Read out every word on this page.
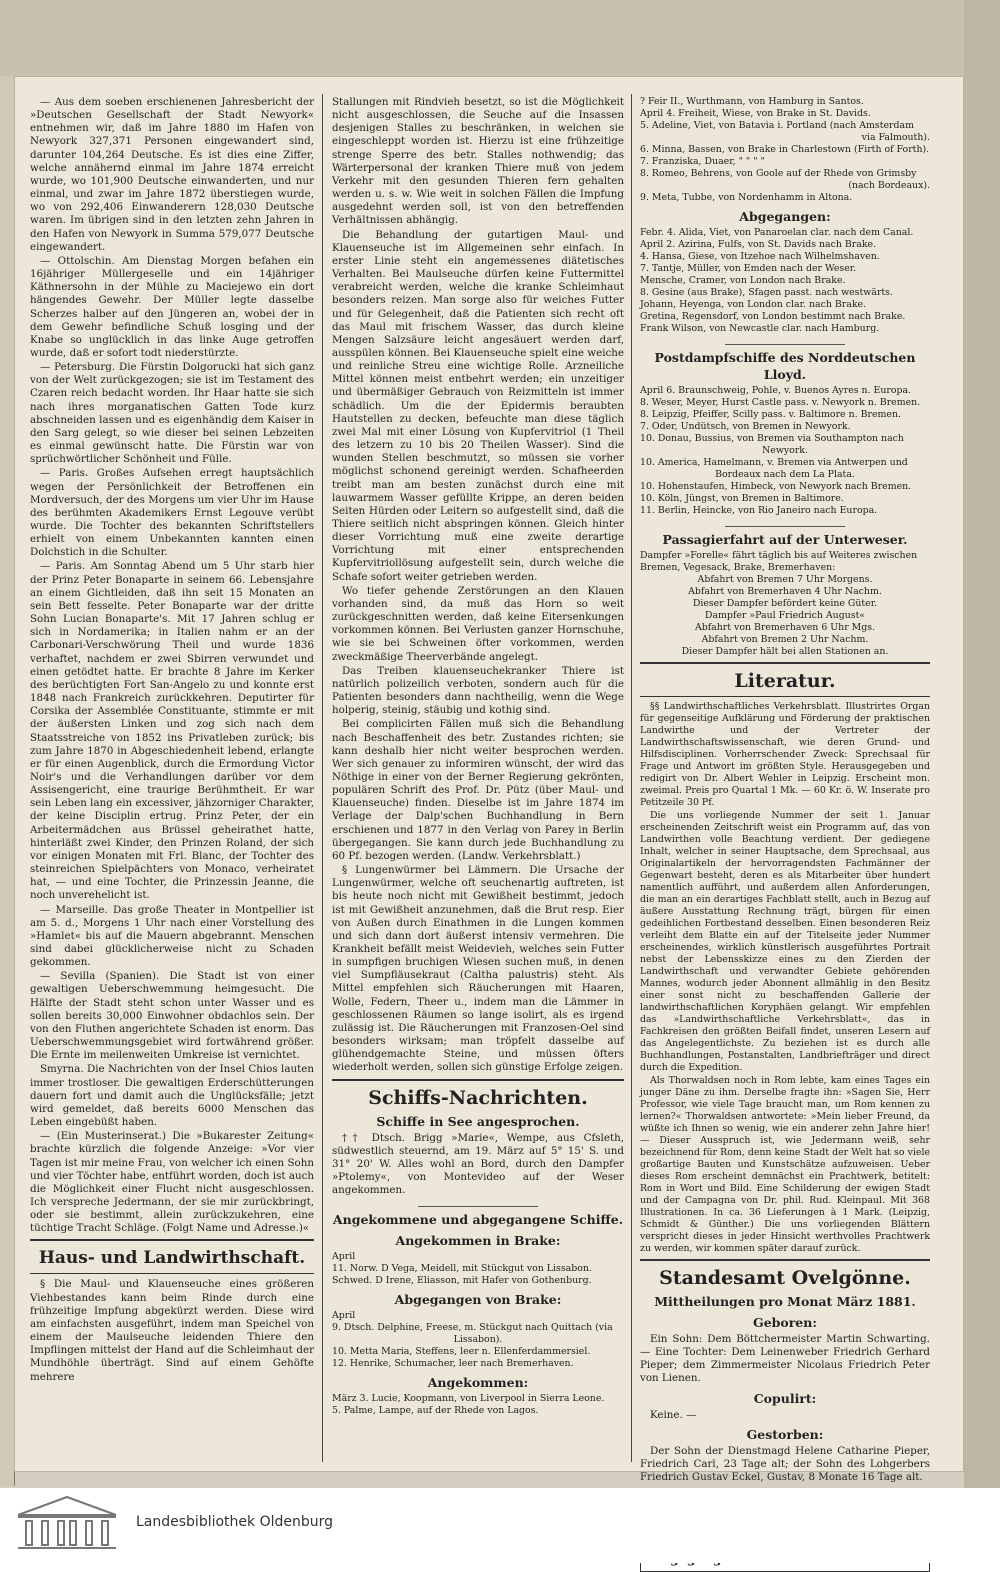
— Aus dem soeben erschienenen Jahresbericht der »Deutschen Gesellschaft der Stadt Newyork« entnehmen wir, daß im Jahre 1880 im Hafen von Newyork 327,371 Personen eingewandert sind, darunter 104,264 Deutsche. Es ist dies eine Ziffer, welche annähernd einmal im Jahre 1874 erreicht wurde, wo 101,900 Deutsche einwanderten, und nur einmal, und zwar im Jahre 1872 überstiegen wurde, wo von 292,406 Einwanderern 128,030 Deutsche waren. Im übrigen sind in den letzten zehn Jahren in den Hafen von Newyork in Summa 579,077 Deutsche eingewandert.

— Ottolschin. Am Dienstag Morgen befahen ein 16jähriger Müllergeselle und ein 14jähriger Käthnersohn in der Mühle zu Maciejewo ein dort hängendes Gewehr. Der Müller legte dasselbe Scherzes halber auf den Jüngeren an, wobei der in dem Gewehr befindliche Schuß losging und der Knabe so unglücklich in das linke Auge getroffen wurde, daß er sofort todt niederstürzte.

— Petersburg. Die Fürstin Dolgorucki hat sich ganz von der Welt zurückgezogen; sie ist im Testament des Czaren reich bedacht worden. Ihr Haar hatte sie sich nach ihres morganatischen Gatten Tode kurz abschneiden lassen und es eigenhändig dem Kaiser in den Sarg gelegt, so wie dieser bei seinen Lebzeiten es einmal gewünscht hatte. Die Fürstin war von sprüchwörtlicher Schönheit und Fülle.

— Paris. Großes Aufsehen erregt hauptsächlich wegen der Persönlichkeit der Betroffenen ein Mordversuch, der des Morgens um vier Uhr im Hause des berühmten Akademikers Ernst Legouve verübt wurde. Die Tochter des bekannten Schriftstellers erhielt von einem Unbekannten kannten einen Dolchstich in die Schulter.

— Paris. Am Sonntag Abend um 5 Uhr starb hier der Prinz Peter Bonaparte in seinem 66. Lebensjahre an einem Gichtleiden, daß ihn seit 15 Monaten an sein Bett fesselte. Peter Bonaparte war der dritte Sohn Lucian Bonaparte's. Mit 17 Jahren schlug er sich in Nordamerika; in Italien nahm er an der Carbonari-Verschwörung Theil und wurde 1836 verhaftet, nachdem er zwei Sbirren verwundet und einen getödtet hatte. Er brachte 8 Jahre im Kerker des berüchtigten Fort San-Angelo zu und konnte erst 1848 nach Frankreich zurückkehren. Deputirter für Corsika der Assemblée Constituante, stimmte er mit der äußersten Linken und zog sich nach dem Staatsstreiche von 1852 ins Privatleben zurück; bis zum Jahre 1870 in Abgeschiedenheit lebend, erlangte er für einen Augenblick, durch die Ermordung Victor Noir's und die Verhandlungen darüber vor dem Assisengericht, eine traurige Berühmtheit. Er war sein Leben lang ein excessiver, jähzorniger Charakter, der keine Disciplin ertrug. Prinz Peter, der ein Arbeitermädchen aus Brüssel geheirathet hatte, hinterläßt zwei Kinder, den Prinzen Roland, der sich vor einigen Monaten mit Frl. Blanc, der Tochter des steinreichen Spielpächters von Monaco, verheiratet hat, — und eine Tochter, die Prinzessin Jeanne, die noch unverehelicht ist.

— Marseille. Das große Theater in Montpellier ist am 5. d., Morgens 1 Uhr nach einer Vorstellung des »Hamlet« bis auf die Mauern abgebrannt. Menschen sind dabei glücklicherweise nicht zu Schaden gekommen.

— Sevilla (Spanien). Die Stadt ist von einer gewaltigen Ueberschwemmung heimgesucht. Die Hälfte der Stadt steht schon unter Wasser und es sollen bereits 30,000 Einwohner obdachlos sein. Der von den Fluthen angerichtete Schaden ist enorm. Das Ueberschwemmungsgebiet wird fortwährend größer. Die Ernte im meilenweiten Umkreise ist vernichtet.

Smyrna. Die Nachrichten von der Insel Chios lauten immer trostloser. Die gewaltigen Erderschütterungen dauern fort und damit auch die Unglücksfälle; jetzt wird gemeldet, daß bereits 6000 Menschen das Leben eingebüßt haben.

— (Ein Musterinserat.) Die »Bukarester Zeitung« brachte kürzlich die folgende Anzeige: »Vor vier Tagen ist mir meine Frau, von welcher ich einen Sohn und vier Töchter habe, entführt worden, doch ist auch die Möglichkeit einer Flucht nicht ausgeschlossen. Ich verspreche Jedermann, der sie mir zurückbringt, oder sie bestimmt, allein zurückzukehren, eine tüchtige Tracht Schläge. (Folgt Name und Adresse.)«

Haus- und Landwirthschaft.

§ Die Maul- und Klauenseuche eines größeren Viehbestandes kann beim Rinde durch eine frühzeitige Impfung abgekürzt werden. Diese wird am einfachsten ausgeführt, indem man Speichel von einem der Maulseuche leidenden Thiere den Impflingen mittelst der Hand auf die Schleimhaut der Mundhöhle überträgt. Sind auf einem Gehöfte mehrere

Stallungen mit Rindvieh besetzt, so ist die Möglichkeit nicht ausgeschlossen, die Seuche auf die Insassen desjenigen Stalles zu beschränken, in welchen sie eingeschleppt worden ist. Hierzu ist eine frühzeitige strenge Sperre des betr. Stalles nothwendig; das Wärterpersonal der kranken Thiere muß von jedem Verkehr mit den gesunden Thieren fern gehalten werden u. s. w. Wie weit in solchen Fällen die Impfung ausgedehnt werden soll, ist von den betreffenden Verhältnissen abhängig.

Die Behandlung der gutartigen Maul- und Klauenseuche ist im Allgemeinen sehr einfach. In erster Linie steht ein angemessenes diätetisches Verhalten. Bei Maulseuche dürfen keine Futtermittel verabreicht werden, welche die kranke Schleimhaut besonders reizen. Man sorge also für weiches Futter und für Gelegenheit, daß die Patienten sich recht oft das Maul mit frischem Wasser, das durch kleine Mengen Salzsäure leicht angesäuert werden darf, ausspülen können. Bei Klauenseuche spielt eine weiche und reinliche Streu eine wichtige Rolle. Arzneiliche Mittel können meist entbehrt werden; ein unzeitiger und übermäßiger Gebrauch von Reizmitteln ist immer schädlich. Um die der Epidermis beraubten Hautstellen zu decken, befeuchte man diese täglich zwei Mal mit einer Lösung von Kupfervitriol (1 Theil des letzern zu 10 bis 20 Theilen Wasser). Sind die wunden Stellen beschmutzt, so müssen sie vorher möglichst schonend gereinigt werden. Schafheerden treibt man am besten zunächst durch eine mit lauwarmem Wasser gefüllte Krippe, an deren beiden Seiten Hürden oder Leitern so aufgestellt sind, daß die Thiere seitlich nicht abspringen können. Gleich hinter dieser Vorrichtung muß eine zweite derartige Vorrichtung mit einer entsprechenden Kupfervitriollösung aufgestellt sein, durch welche die Schafe sofort weiter getrieben werden.

Wo tiefer gehende Zerstörungen an den Klauen vorhanden sind, da muß das Horn so weit zurückgeschnitten werden, daß keine Eitersenkungen vorkommen können. Bei Verlusten ganzer Hornschuhe, wie sie bei Schweinen öfter vorkommen, werden zweckmäßige Theerverbände angelegt.

Das Treiben klauenseuchekranker Thiere ist natürlich polizeilich verboten, sondern auch für die Patienten besonders dann nachtheilig, wenn die Wege holperig, steinig, stäubig und kothig sind.

Bei complicirten Fällen muß sich die Behandlung nach Beschaffenheit des betr. Zustandes richten; sie kann deshalb hier nicht weiter besprochen werden. Wer sich genauer zu informiren wünscht, der wird das Nöthige in einer von der Berner Regierung gekrönten, populären Schrift des Prof. Dr. Pütz (über Maul- und Klauenseuche) finden. Dieselbe ist im Jahre 1874 im Verlage der Dalp'schen Buchhandlung in Bern erschienen und 1877 in den Verlag von Parey in Berlin übergegangen. Sie kann durch jede Buchhandlung zu 60 Pf. bezogen werden. (Landw. Verkehrsblatt.)

§ Lungenwürmer bei Lämmern. Die Ursache der Lungenwürmer, welche oft seuchenartig auftreten, ist bis heute noch nicht mit Gewißheit bestimmt, jedoch ist mit Gewißheit anzunehmen, daß die Brut resp. Eier von Außen durch Einathmen in die Lungen kommen und sich dann dort äußerst intensiv vermehren. Die Krankheit befällt meist Weidevieh, welches sein Futter in sumpfigen bruchigen Wiesen suchen muß, in denen viel Sumpfläusekraut (Caltha palustris) steht. Als Mittel empfehlen sich Räucherungen mit Haaren, Wolle, Federn, Theer u., indem man die Lämmer in geschlossenen Räumen so lange isolirt, als es irgend zulässig ist. Die Räucherungen mit Franzosen-Oel sind besonders wirksam; man tröpfelt dasselbe auf glühendgemachte Steine, und müssen öfters wiederholt werden, sollen sich günstige Erfolge zeigen.

Schiffs-Nachrichten.
Schiffe in See angesprochen.

†† Dtsch. Brigg »Marie«, Wempe, aus Cfsleth, südwestlich steuernd, am 19. März auf 5° 15' S. und 31° 20' W. Alles wohl an Bord, durch den Dampfer »Ptolemy«, von Montevideo auf der Weser angekommen.

Angekommene und abgegangene Schiffe.
Angekommen in Brake:
April
11. Norw. D Vega, Meidell, mit Stückgut von Lissabon.
Schwed. D Irene, Eliasson, mit Hafer von Gothenburg.
Abgegangen von Brake:
April
9. Dtsch. Delphine, Freese, m. Stückgut nach Quittach (via
Lissabon).
10. Metta Maria, Steffens, leer n. Ellenferdammersiel.
12. Henrike, Schumacher, leer nach Bremerhaven.
Angekommen:
März 3. Lucie, Koopmann, von Liverpool in Sierra Leone.
5. Palme, Lampe, auf der Rhede von Lagos.
? Feir II., Wurthmann, von Hamburg in Santos.
April 4. Freiheit, Wiese, von Brake in St. Davids.
5. Adeline, Viet, von Batavia i. Portland (nach Amsterdam
via Falmouth).
6. Minna, Bassen, von Brake in Charlestown (Firth of Forth).
7. Franziska, Duaer, " " " "
8. Romeo, Behrens, von Goole auf der Rhede von Grimsby
(nach Bordeaux).
9. Meta, Tubbe, von Nordenhamm in Altona.
Abgegangen:
Febr. 4. Alida, Viet, von Panaroelan clar. nach dem Canal.
April 2. Azirina, Fulfs, von St. Davids nach Brake.
4. Hansa, Giese, von Itzehoe nach Wilhelmshaven.
7. Tantje, Müller, von Emden nach der Weser.
Mensche, Cramer, von London nach Brake.
8. Gesine (aus Brake), Sfagen passt. nach westwärts.
Johann, Heyenga, von London clar. nach Brake.
Gretina, Regensdorf, von London bestimmt nach Brake.
Frank Wilson, von Newcastle clar. nach Hamburg.
Postdampfschiffe des Norddeutschen Lloyd.
April 6. Braunschweig, Pohle, v. Buenos Ayres n. Europa.
8. Weser, Meyer, Hurst Castle pass. v. Newyork n. Bremen.
8. Leipzig, Pfeiffer, Scilly pass. v. Baltimore n. Bremen.
7. Oder, Undütsch, von Bremen in Newyork.
10. Donau, Bussius, von Bremen via Southampton nach
Newyork.
10. America, Hamelmann, v. Bremen via Antwerpen und
Bordeaux nach dem La Plata.
10. Hohenstaufen, Himbeck, von Newyork nach Bremen.
10. Köln, Jüngst, von Bremen in Baltimore.
11. Berlin, Heincke, von Rio Janeiro nach Europa.
Passagierfahrt auf der Unterweser.
Dampfer »Forelle« fährt täglich bis auf Weiteres zwischen
Bremen, Vegesack, Brake, Bremerhaven:
Abfahrt von Bremen 7 Uhr Morgens.
Abfahrt von Bremerhaven 4 Uhr Nachm.
Dieser Dampfer befördert keine Güter.
Dampfer »Paul Friedrich August«
Abfahrt von Bremerhaven 6 Uhr Mgs.
Abfahrt von Bremen 2 Uhr Nachm.
Dieser Dampfer hält bei allen Stationen an.
Literatur.

§§ Landwirthschaftliches Verkehrsblatt. Illustrirtes Organ für gegenseitige Aufklärung und Förderung der praktischen Landwirthe und der Vertreter der Landwirthschaftswissenschaft, wie deren Grund- und Hilfsdisciplinen. Vorherrschender Zweck: Sprechsaal für Frage und Antwort im größten Style. Herausgegeben und redigirt von Dr. Albert Wehler in Leipzig. Erscheint mon. zweimal. Preis pro Quartal 1 Mk. — 60 Kr. ö. W. Inserate pro Petitzeile 30 Pf.

Die uns vorliegende Nummer der seit 1. Januar erscheinenden Zeitschrift weist ein Programm auf, das von Landwirthen volle Beachtung verdient. Der gediegene Inhalt, welcher in seiner Hauptsache, dem Sprechsaal, aus Originalartikeln der hervorragendsten Fachmänner der Gegenwart besteht, deren es als Mitarbeiter über hundert namentlich aufführt, und außerdem allen Anforderungen, die man an ein derartiges Fachblatt stellt, auch in Bezug auf äußere Ausstattung Rechnung trägt, bürgen für einen gedeihlichen Fortbestand desselben. Einen besonderen Reiz verleiht dem Blatte ein auf der Titelseite jeder Nummer erscheinendes, wirklich künstlerisch ausgeführtes Portrait nebst der Lebensskizze eines zu den Zierden der Landwirthschaft und verwandter Gebiete gehörenden Mannes, wodurch jeder Abonnent allmählig in den Besitz einer sonst nicht zu beschaffenden Gallerie der landwirthschaftlichen Koryphäen gelangt. Wir empfehlen das »Landwirthschaftliche Verkehrsblatt«, das in Fachkreisen den größten Beifall findet, unseren Lesern auf das Angelegentlichste. Zu beziehen ist es durch alle Buchhandlungen, Postanstalten, Landbriefträger und direct durch die Expedition.

Als Thorwaldsen noch in Rom lebte, kam eines Tages ein junger Däne zu ihm. Derselbe fragte ihn: »Sagen Sie, Herr Professor, wie viele Tage braucht man, um Rom kennen zu lernen?« Thorwaldsen antwortete: »Mein lieber Freund, da wüßte ich Ihnen so wenig, wie ein anderer zehn Jahre hier! — Dieser Ausspruch ist, wie Jedermann weiß, sehr bezeichnend für Rom, denn keine Stadt der Welt hat so viele großartige Bauten und Kunstschätze aufzuweisen. Ueber dieses Rom erscheint demnächst ein Prachtwerk, betitelt: Rom in Wort und Bild. Eine Schilderung der ewigen Stadt und der Campagna von Dr. phil. Rud. Kleinpaul. Mit 368 Illustrationen. In ca. 36 Lieferungen à 1 Mark. (Leipzig, Schmidt & Günther.) Die uns vorliegenden Blättern verspricht dieses in jeder Hinsicht werthvolles Prachtwerk zu werden, wir kommen später darauf zurück.

Standesamt Ovelgönne.
Mittheilungen pro Monat März 1881.
Geboren:

Ein Sohn: Dem Böttchermeister Martin Schwarting. — Eine Tochter: Dem Leinenweber Friedrich Gerhard Pieper; dem Zimmermeister Nicolaus Friedrich Peter von Lienen.

Copulirt:

Keine. —

Gestorben:

Der Sohn der Dienstmagd Helene Catharine Pieper, Friedrich Carl, 23 Tage alt; der Sohn des Lohgerbers Friedrich Gustav Eckel, Gustav, 8 Monate 16 Tage alt.

Landesbibliothek Oldenburg
